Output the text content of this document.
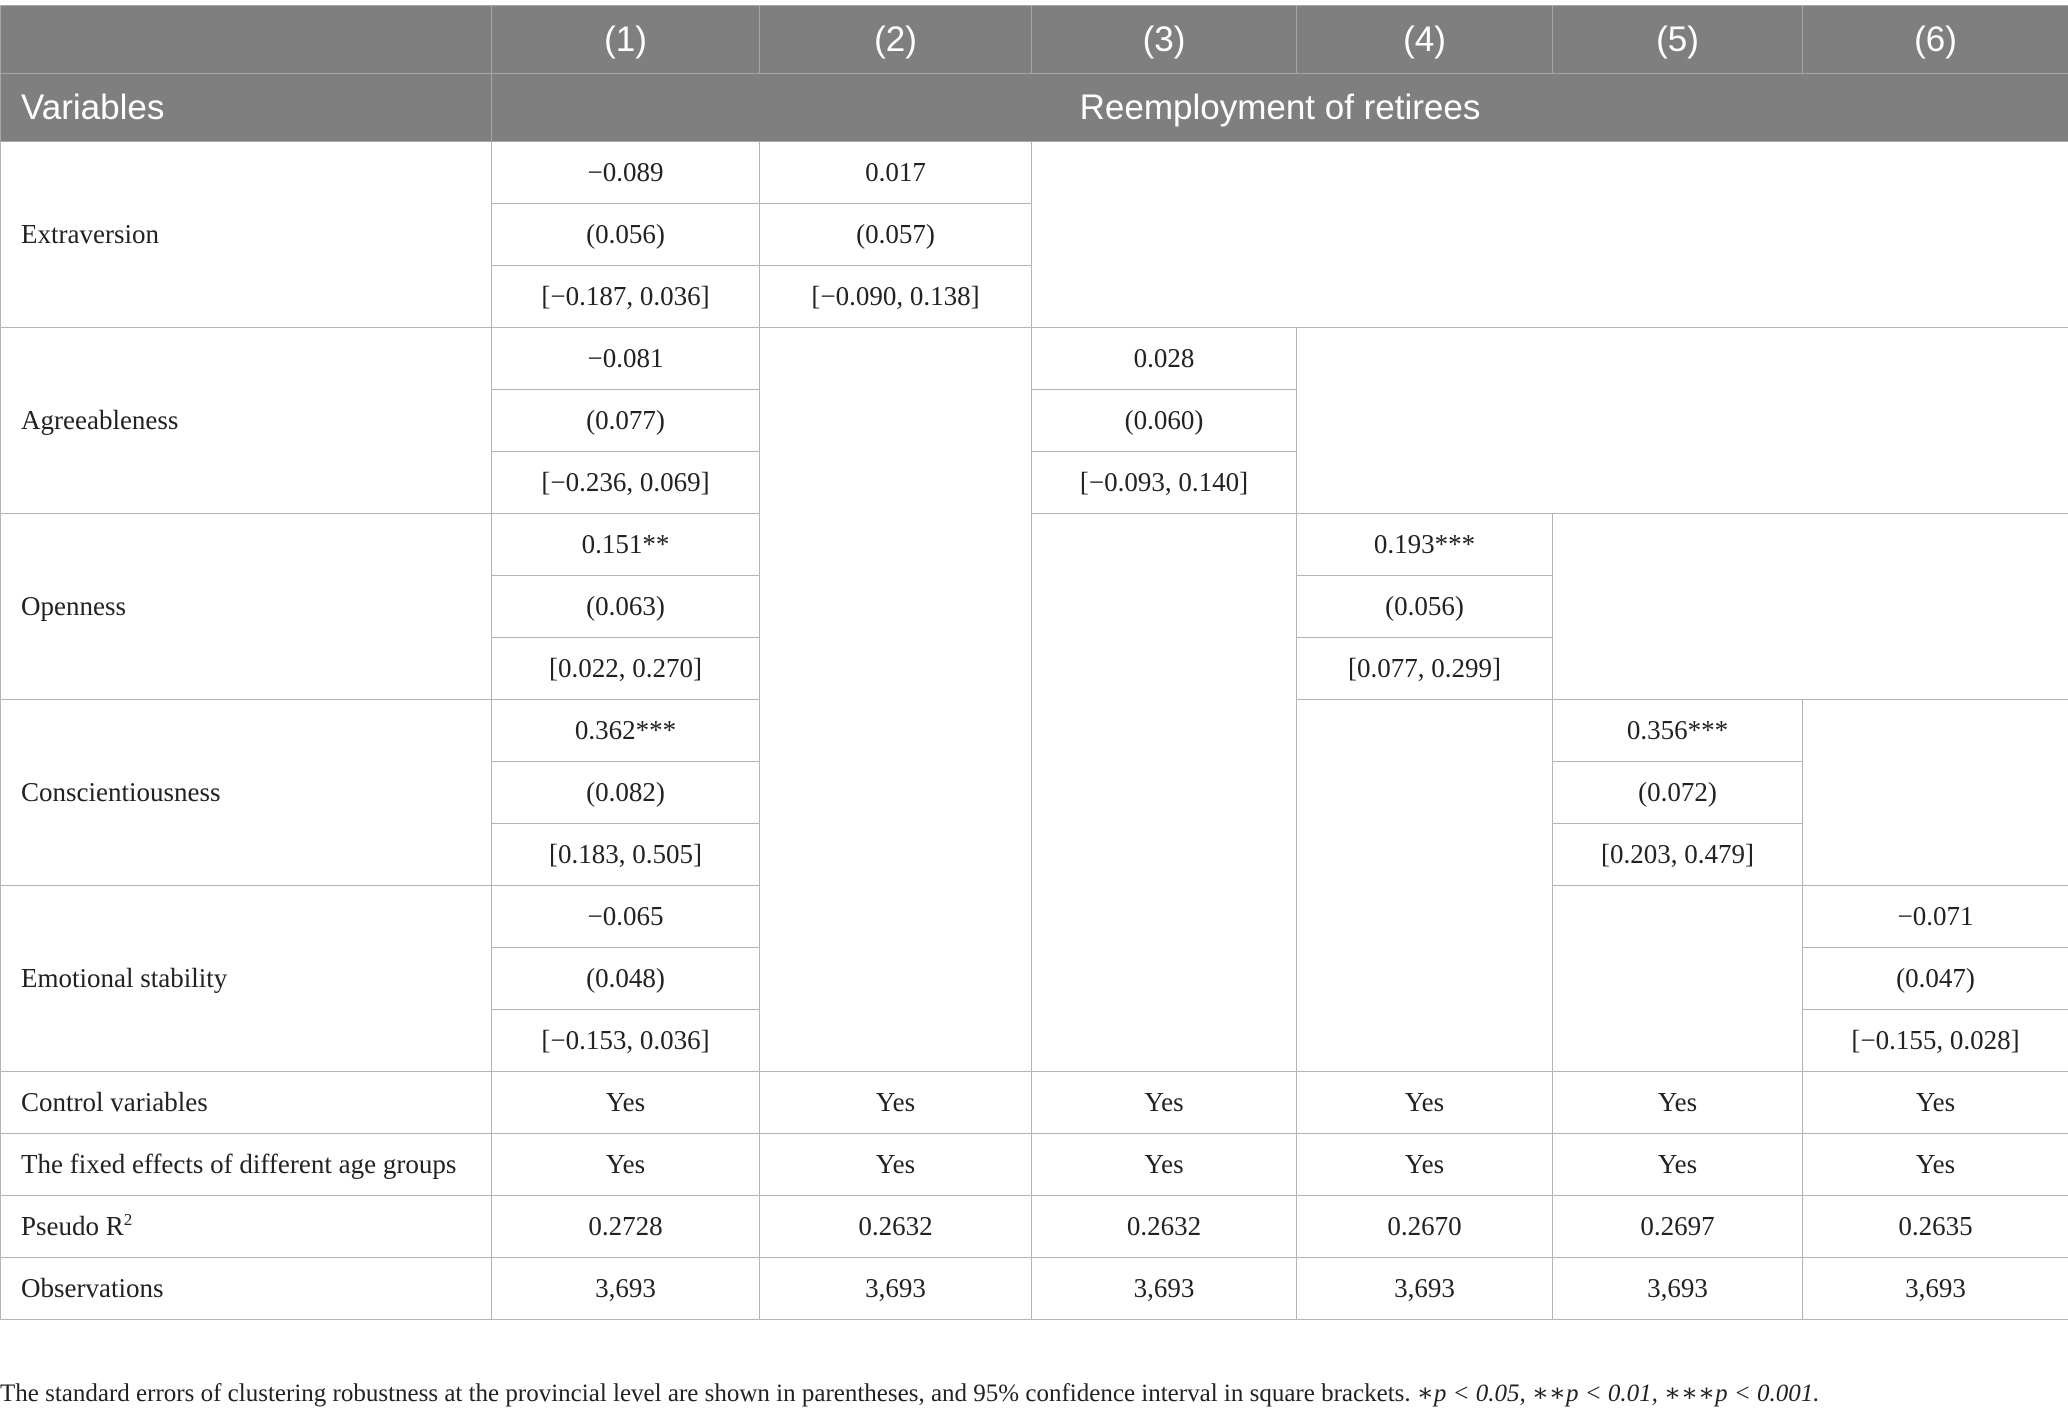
	(1)	(2)	(3)	(4)	(5)	(6)
Variables	Reemployment of retirees					
Extraversion	−0.089	0.017				
	(0.056)	(0.057)				
	[−0.187, 0.036]	[−0.090, 0.138]				
Agreeableness	−0.081		0.028			
	(0.077)		(0.060)			
	[−0.236, 0.069]		[−0.093, 0.140]			
Openness	0.151**			0.193***		
	(0.063)			(0.056)		
	[0.022, 0.270]			[0.077, 0.299]		
Conscientiousness	0.362***				0.356***	
	(0.082)				(0.072)	
	[0.183, 0.505]				[0.203, 0.479]	
Emotional stability	−0.065					−0.071
	(0.048)					(0.047)
	[−0.153, 0.036]					[−0.155, 0.028]
Control variables	Yes	Yes	Yes	Yes	Yes	Yes
The fixed effects of different age groups	Yes	Yes	Yes	Yes	Yes	Yes
Pseudo $R^2$	0.2728	0.2632	0.2632	0.2670	0.2697	0.2635
Observations	3,693	3,693	3,693	3,693	3,693	3,693
The standard errors of clustering robustness at the provincial level are shown in parentheses, and 95% confidence interval in square brackets. ∗p < 0.05, ∗∗p < 0.01, ∗∗∗p < 0.001.
